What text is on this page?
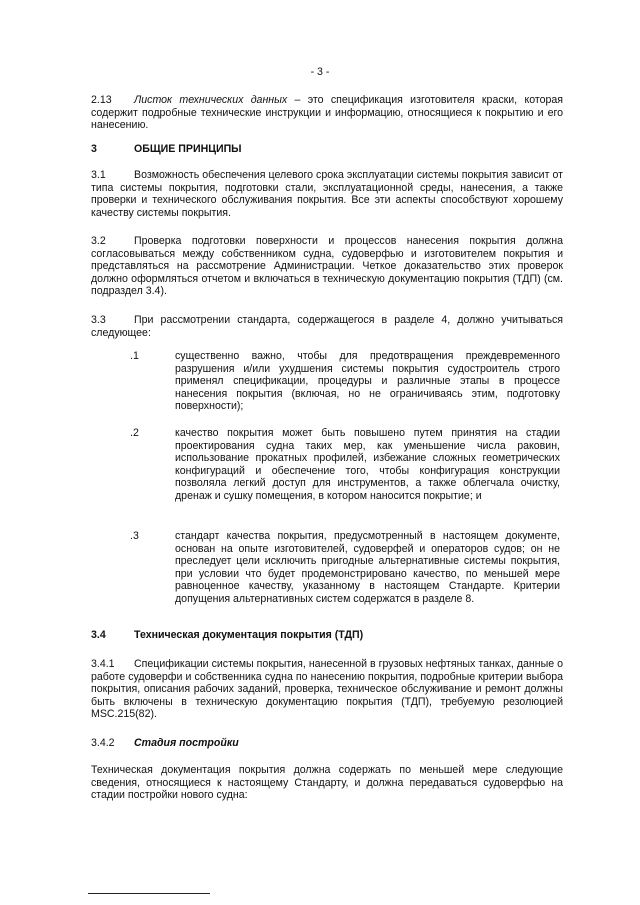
- 3 -
2.13 Листок технических данных – это спецификация изготовителя краски, которая содержит подробные технические инструкции и информацию, относящиеся к покрытию и его нанесению.
3	ОБЩИЕ ПРИНЦИПЫ
3.1	Возможность обеспечения целевого срока эксплуатации системы покрытия зависит от типа системы покрытия, подготовки стали, эксплуатационной среды, нанесения, а также проверки и технического обслуживания покрытия. Все эти аспекты способствуют хорошему качеству системы покрытия.
3.2	Проверка подготовки поверхности и процессов нанесения покрытия должна согласовываться между собственником судна, судоверфью и изготовителем покрытия и представляться на рассмотрение Администрации. Четкое доказательство этих проверок должно оформляться отчетом и включаться в техническую документацию покрытия (ТДП) (см. подраздел 3.4).
3.3	При рассмотрении стандарта, содержащегося в разделе 4, должно учитываться следующее:
.1	существенно важно, чтобы для предотвращения преждевременного разрушения и/или ухудшения системы покрытия судостроитель строго применял спецификации, процедуры и различные этапы в процессе нанесения покрытия (включая, но не ограничиваясь этим, подготовку поверхности);
.2	качество покрытия может быть повышено путем принятия на стадии проектирования судна таких мер, как уменьшение числа раковин, использование прокатных профилей, избежание сложных геометрических конфигураций и обеспечение того, чтобы конфигурация конструкции позволяла легкий доступ для инструментов, а также облегчала очистку, дренаж и сушку помещения, в котором наносится покрытие; и
.3	стандарт качества покрытия, предусмотренный в настоящем документе, основан на опыте изготовителей, судоверфей и операторов судов; он не преследует цели исключить пригодные альтернативные системы покрытия, при условии что будет продемонстрировано качество, по меньшей мере равноценное качеству, указанному в настоящем Стандарте. Критерии допущения альтернативных систем содержатся в разделе 8.
3.4	Техническая документация покрытия (ТДП)
3.4.1 Спецификации системы покрытия, нанесенной в грузовых нефтяных танках, данные о работе судоверфи и собственника судна по нанесению покрытия, подробные критерии выбора покрытия, описания рабочих заданий, проверка, техническое обслуживание и ремонт должны быть включены в техническую документацию покрытия (ТДП), требуемую резолюцией MSC.215(82).
3.4.2 Стадия постройки
Техническая документация покрытия должна содержать по меньшей мере следующие сведения, относящиеся к настоящему Стандарту, и должна передаваться судоверфью на стадии постройки нового судна:
